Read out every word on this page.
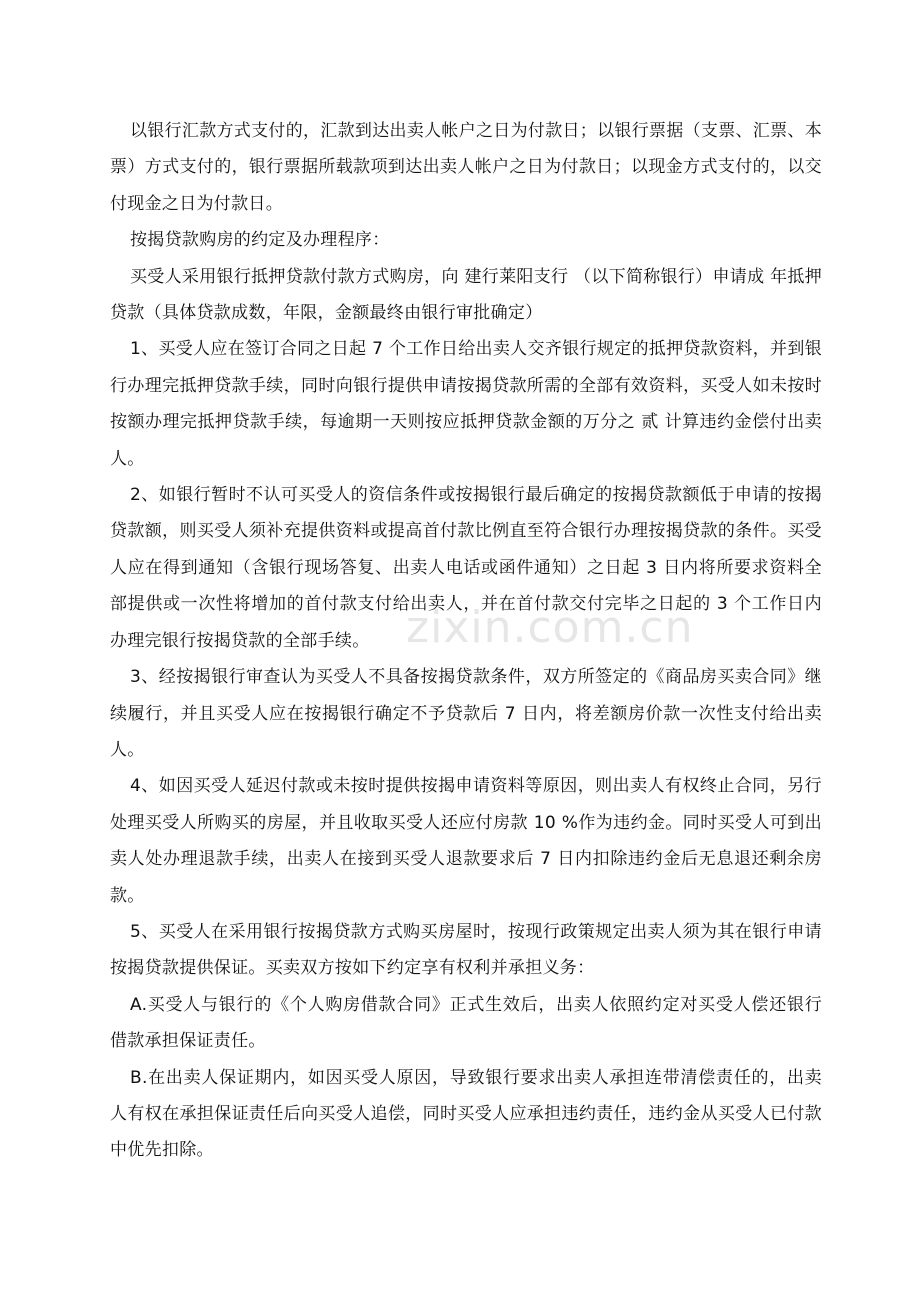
以银行汇款方式支付的，汇款到达出卖人帐户之日为付款日；以银行票据（支票、汇票、本票）方式支付的，银行票据所载款项到达出卖人帐户之日为付款日；以现金方式支付的，以交付现金之日为付款日。

按揭贷款购房的约定及办理程序：

买受人采用银行抵押贷款付款方式购房，向 建行莱阳支行 （以下简称银行）申请成 年抵押贷款（具体贷款成数，年限，金额最终由银行审批确定）

1、买受人应在签订合同之日起 7 个工作日给出卖人交齐银行规定的抵押贷款资料，并到银行办理完抵押贷款手续，同时向银行提供申请按揭贷款所需的全部有效资料，买受人如未按时按额办理完抵押贷款手续，每逾期一天则按应抵押贷款金额的万分之 贰 计算违约金偿付出卖人。

2、如银行暂时不认可买受人的资信条件或按揭银行最后确定的按揭贷款额低于申请的按揭贷款额，则买受人须补充提供资料或提高首付款比例直至符合银行办理按揭贷款的条件。买受人应在得到通知（含银行现场答复、出卖人电话或函件通知）之日起 3 日内将所要求资料全部提供或一次性将增加的首付款支付给出卖人，并在首付款交付完毕之日起的 3 个工作日内办理完银行按揭贷款的全部手续。

3、经按揭银行审查认为买受人不具备按揭贷款条件，双方所签定的《商品房买卖合同》继续履行，并且买受人应在按揭银行确定不予贷款后 7 日内，将差额房价款一次性支付给出卖人。

4、如因买受人延迟付款或未按时提供按揭申请资料等原因，则出卖人有权终止合同，另行处理买受人所购买的房屋，并且收取买受人还应付房款 10 %作为违约金。同时买受人可到出卖人处办理退款手续，出卖人在接到买受人退款要求后 7 日内扣除违约金后无息退还剩余房款。

5、买受人在采用银行按揭贷款方式购买房屋时，按现行政策规定出卖人须为其在银行申请按揭贷款提供保证。买卖双方按如下约定享有权利并承担义务：

A.买受人与银行的《个人购房借款合同》正式生效后，出卖人依照约定对买受人偿还银行借款承担保证责任。

B.在出卖人保证期内，如因买受人原因，导致银行要求出卖人承担连带清偿责任的，出卖人有权在承担保证责任后向买受人追偿，同时买受人应承担违约责任，违约金从买受人已付款中优先扣除。

zixin.com.cn
